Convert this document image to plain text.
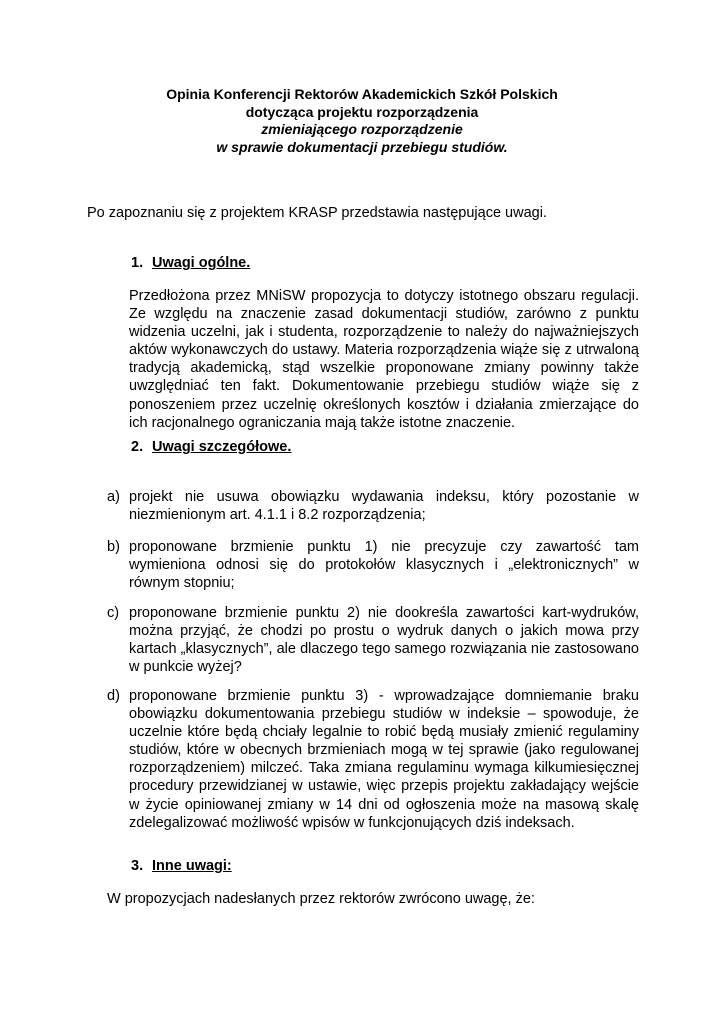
Opinia Konferencji Rektorów Akademickich Szkół Polskich
dotycząca projektu rozporządzenia
zmieniającego rozporządzenie
w sprawie dokumentacji przebiegu studiów.
Po zapoznaniu się z projektem KRASP przedstawia następujące uwagi.
1. Uwagi ogólne.
Przedłożona przez MNiSW propozycja to dotyczy istotnego obszaru regulacji. Ze względu na znaczenie zasad dokumentacji studiów, zarówno z punktu widzenia uczelni, jak i studenta, rozporządzenie to należy do najważniejszych aktów wykonawczych do ustawy. Materia rozporządzenia wiąże się z utrwaloną tradycją akademicką, stąd wszelkie proponowane zmiany powinny także uwzględniać ten fakt. Dokumentowanie przebiegu studiów wiąże się z ponoszeniem przez uczelnię określonych kosztów i działania zmierzające do ich racjonalnego ograniczania mają także istotne znaczenie.
2. Uwagi szczegółowe.
a) projekt nie usuwa obowiązku wydawania indeksu, który pozostanie w niezmienionym art. 4.1.1 i 8.2 rozporządzenia;
b) proponowane brzmienie punktu 1) nie precyzuje czy zawartość tam wymieniona odnosi się do protokołów klasycznych i „elektronicznych” w równym stopniu;
c) proponowane brzmienie punktu 2) nie dookreśla zawartości kart-wydruków, można przyjąć, że chodzi po prostu o wydruk danych o jakich mowa przy kartach „klasycznych”, ale dlaczego tego samego rozwiązania nie zastosowano w punkcie wyżej?
d) proponowane brzmienie punktu 3) - wprowadzające domniemanie braku obowiązku dokumentowania przebiegu studiów w indeksie – spowoduje, że uczelnie które będą chciały legalnie to robić będą musiały zmienić regulaminy studiów, które w obecnych brzmieniach mogą w tej sprawie (jako regulowanej rozporządzeniem) milczeć. Taka zmiana regulaminu wymaga kilkumiesięcznej procedury przewidzianej w ustawie, więc przepis projektu zakładający wejście w życie opiniowanej zmiany w 14 dni od ogłoszenia może na masową skalę zdelegalizować możliwość wpisów w funkcjonujących dziś indeksach.
3. Inne uwagi:
W propozycjach nadesłanych przez rektorów zwrócono uwagę, że:
